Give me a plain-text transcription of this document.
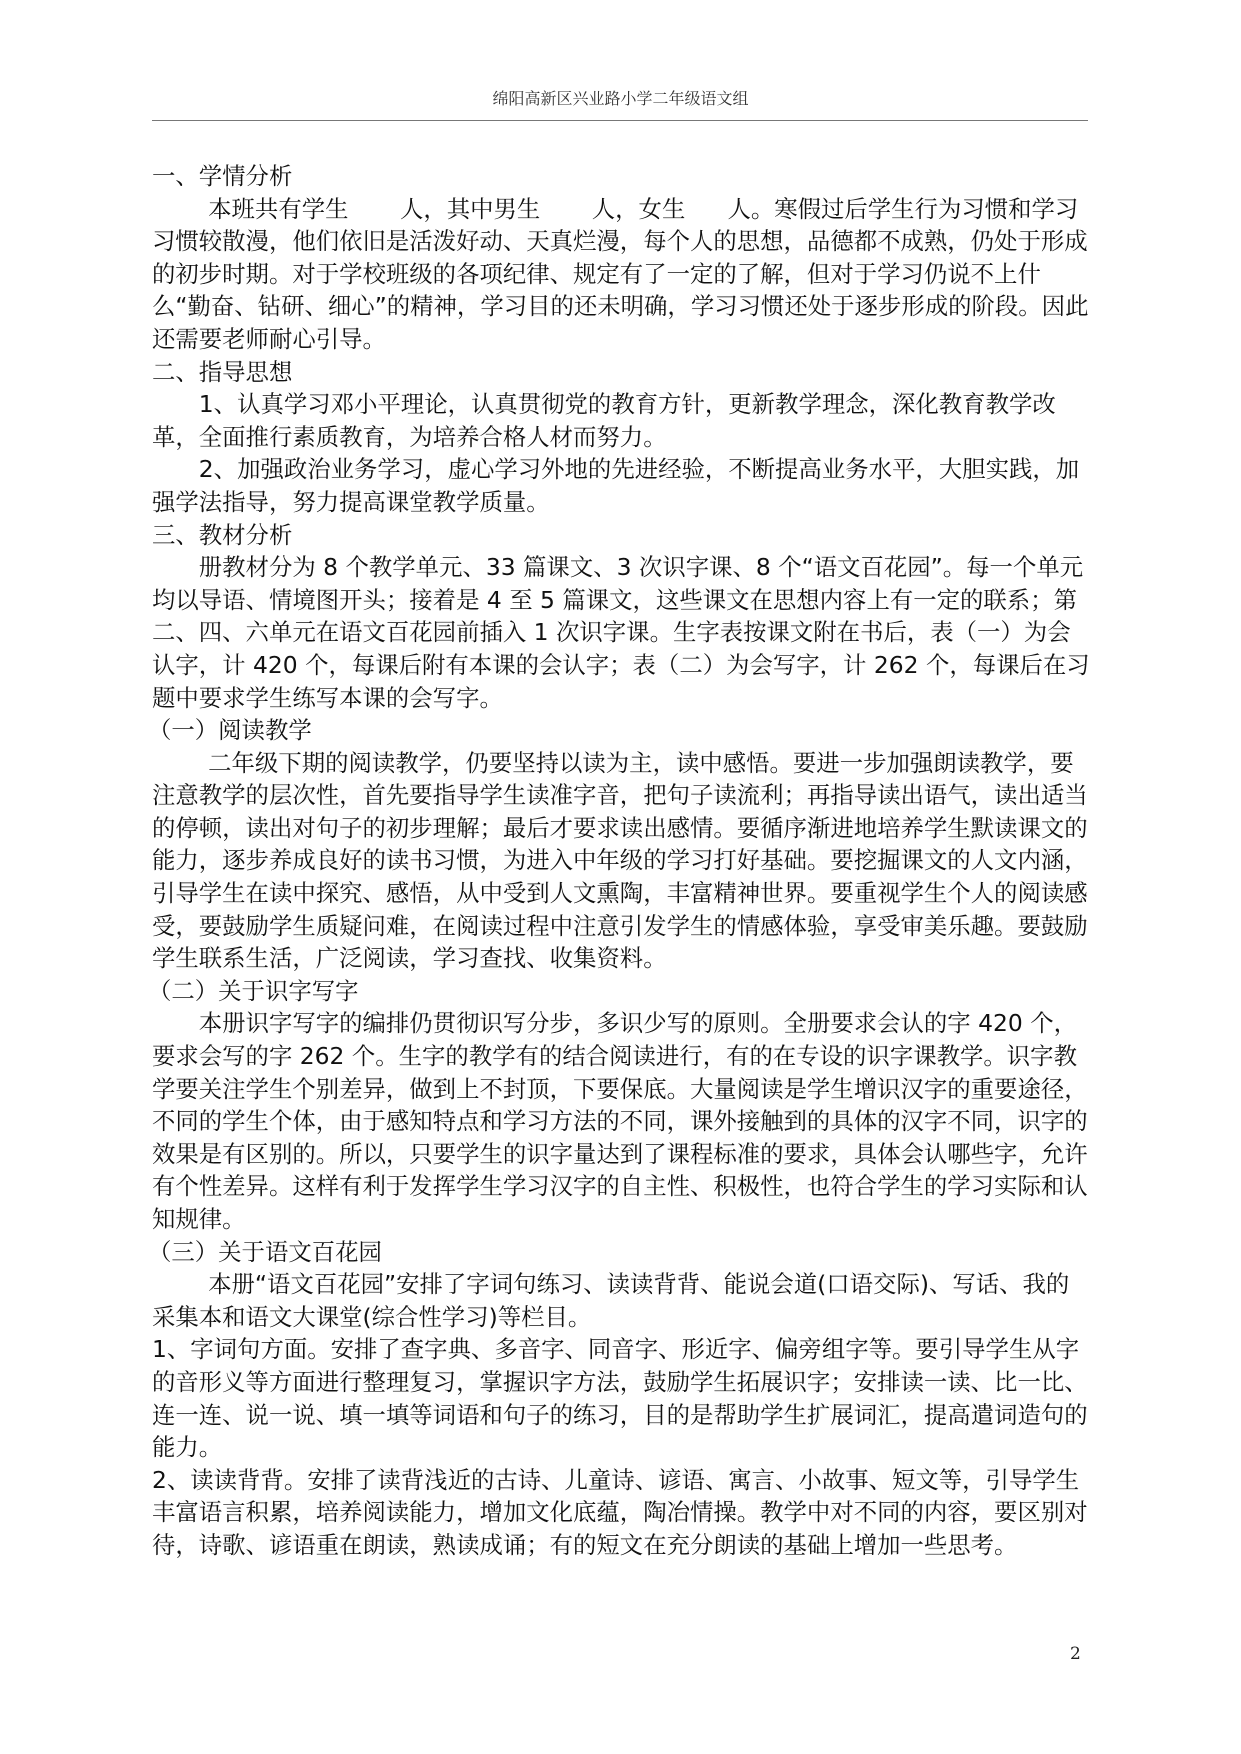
绵阳高新区兴业路小学二年级语文组

一、学情分析

本班共有学生 人，其中男生 人，女生 人。寒假过后学生行为习惯和学习习惯较散漫，他们依旧是活泼好动、天真烂漫，每个人的思想，品德都不成熟，仍处于形成的初步时期。对于学校班级的各项纪律、规定有了一定的了解，但对于学习仍说不上什么“勤奋、钻研、细心”的精神，学习目的还未明确，学习习惯还处于逐步形成的阶段。因此还需要老师耐心引导。

二、指导思想

1、认真学习邓小平理论，认真贯彻党的教育方针，更新教学理念，深化教育教学改革，全面推行素质教育，为培养合格人材而努力。

2、加强政治业务学习，虚心学习外地的先进经验，不断提高业务水平，大胆实践，加强学法指导，努力提高课堂教学质量。

三、教材分析

册教材分为 8 个教学单元、33 篇课文、3 次识字课、8 个“语文百花园”。每一个单元均以导语、情境图开头；接着是 4 至 5 篇课文，这些课文在思想内容上有一定的联系；第二、四、六单元在语文百花园前插入 1 次识字课。生字表按课文附在书后，表（一）为会认字，计 420 个，每课后附有本课的会认字；表（二）为会写字，计 262 个，每课后在习题中要求学生练写本课的会写字。

（一）阅读教学

二年级下期的阅读教学，仍要坚持以读为主，读中感悟。要进一步加强朗读教学，要注意教学的层次性，首先要指导学生读准字音，把句子读流利；再指导读出语气，读出适当的停顿，读出对句子的初步理解；最后才要求读出感情。要循序渐进地培养学生默读课文的能力，逐步养成良好的读书习惯，为进入中年级的学习打好基础。要挖掘课文的人文内涵，引导学生在读中探究、感悟，从中受到人文熏陶，丰富精神世界。要重视学生个人的阅读感受，要鼓励学生质疑问难，在阅读过程中注意引发学生的情感体验，享受审美乐趣。要鼓励学生联系生活，广泛阅读，学习查找、收集资料。

（二）关于识字写字

本册识字写字的编排仍贯彻识写分步，多识少写的原则。全册要求会认的字 420 个，要求会写的字 262 个。生字的教学有的结合阅读进行，有的在专设的识字课教学。识字教学要关注学生个别差异，做到上不封顶，下要保底。大量阅读是学生增识汉字的重要途径，不同的学生个体，由于感知特点和学习方法的不同，课外接触到的具体的汉字不同，识字的效果是有区别的。所以，只要学生的识字量达到了课程标准的要求，具体会认哪些字，允许有个性差异。这样有利于发挥学生学习汉字的自主性、积极性，也符合学生的学习实际和认知规律。

（三）关于语文百花园

本册“语文百花园”安排了字词句练习、读读背背、能说会道(口语交际)、写话、我的采集本和语文大课堂(综合性学习)等栏目。

1、字词句方面。安排了查字典、多音字、同音字、形近字、偏旁组字等。要引导学生从字的音形义等方面进行整理复习，掌握识字方法，鼓励学生拓展识字；安排读一读、比一比、连一连、说一说、填一填等词语和句子的练习，目的是帮助学生扩展词汇，提高遣词造句的能力。

2、读读背背。安排了读背浅近的古诗、儿童诗、谚语、寓言、小故事、短文等，引导学生丰富语言积累，培养阅读能力，增加文化底蕴，陶冶情操。教学中对不同的内容，要区别对待，诗歌、谚语重在朗读，熟读成诵；有的短文在充分朗读的基础上增加一些思考。

2
